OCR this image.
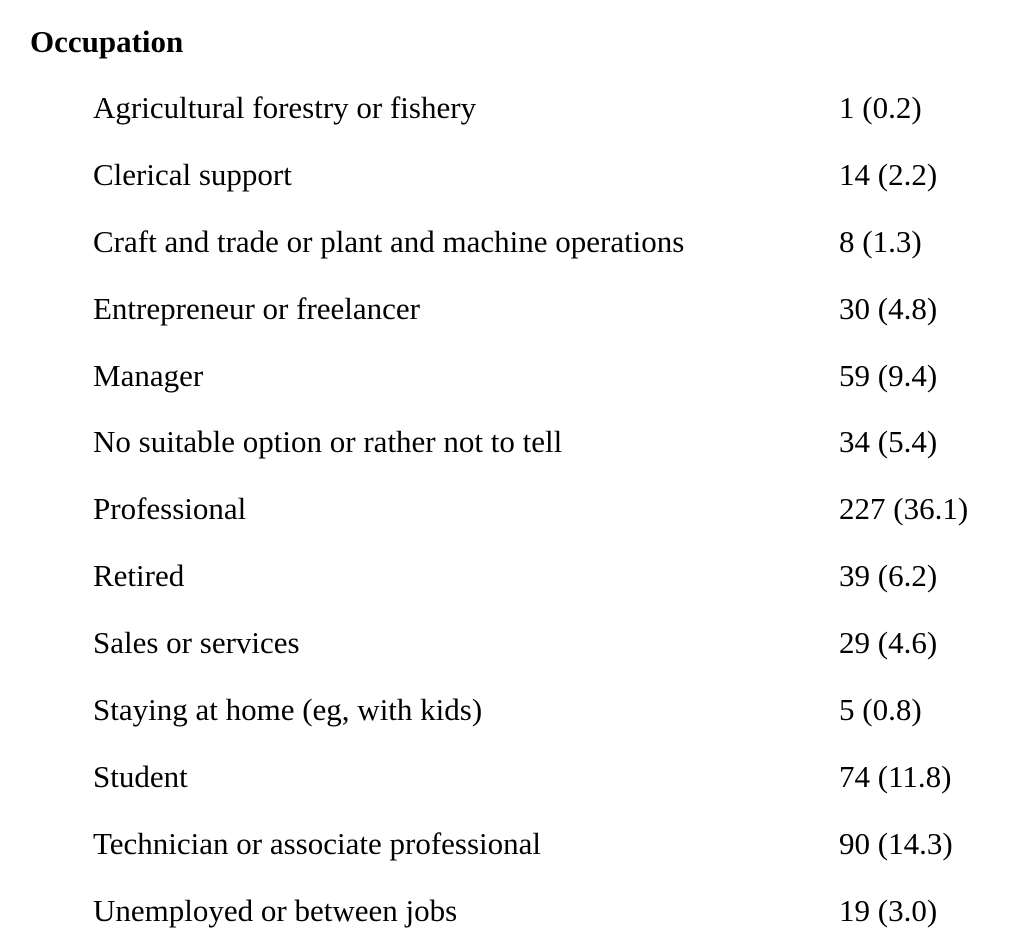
Occupation
Agricultural forestry or fishery	1 (0.2)
Clerical support	14 (2.2)
Craft and trade or plant and machine operations	8 (1.3)
Entrepreneur or freelancer	30 (4.8)
Manager	59 (9.4)
No suitable option or rather not to tell	34 (5.4)
Professional	227 (36.1)
Retired	39 (6.2)
Sales or services	29 (4.6)
Staying at home (eg, with kids)	5 (0.8)
Student	74 (11.8)
Technician or associate professional	90 (14.3)
Unemployed or between jobs	19 (3.0)
